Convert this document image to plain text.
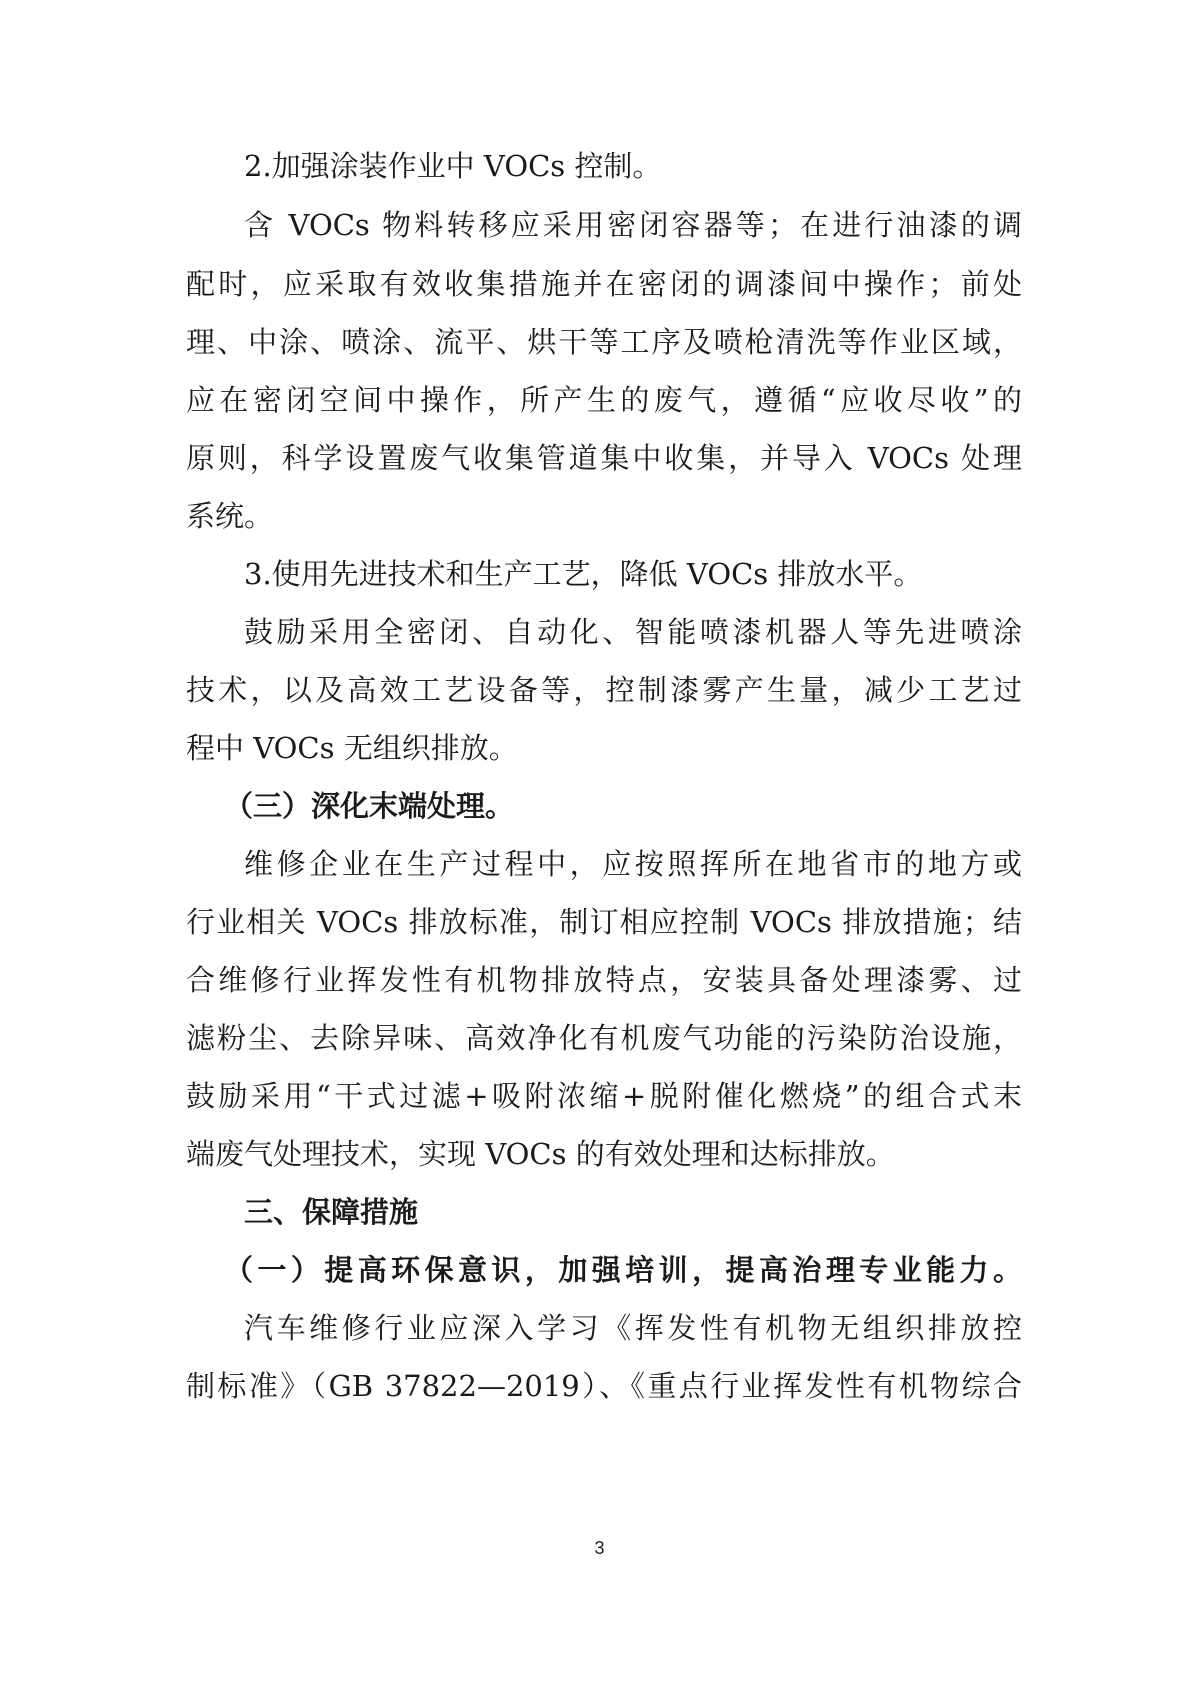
2.加强涂装作业中 VOCs 控制。
含 VOCs 物料转移应采用密闭容器等；在进行油漆的调
配时，应采取有效收集措施并在密闭的调漆间中操作；前处
理、中涂、喷涂、流平、烘干等工序及喷枪清洗等作业区域，
应在密闭空间中操作，所产生的废气，遵循“应收尽收”的
原则，科学设置废气收集管道集中收集，并导入 VOCs 处理
系统。
3.使用先进技术和生产工艺，降低 VOCs 排放水平。
鼓励采用全密闭、自动化、智能喷漆机器人等先进喷涂
技术，以及高效工艺设备等，控制漆雾产生量，减少工艺过
程中 VOCs 无组织排放。
（三）深化末端处理。
维修企业在生产过程中，应按照挥所在地省市的地方或
行业相关 VOCs 排放标准，制订相应控制 VOCs 排放措施；结
合维修行业挥发性有机物排放特点，安装具备处理漆雾、过
滤粉尘、去除异味、高效净化有机废气功能的污染防治设施，
鼓励采用“干式过滤+吸附浓缩+脱附催化燃烧”的组合式末
端废气处理技术，实现 VOCs 的有效处理和达标排放。
三、保障措施
（一）提高环保意识，加强培训，提高治理专业能力。
汽车维修行业应深入学习《挥发性有机物无组织排放控
制标准》（GB 37822—2019）、《重点行业挥发性有机物综合
3
